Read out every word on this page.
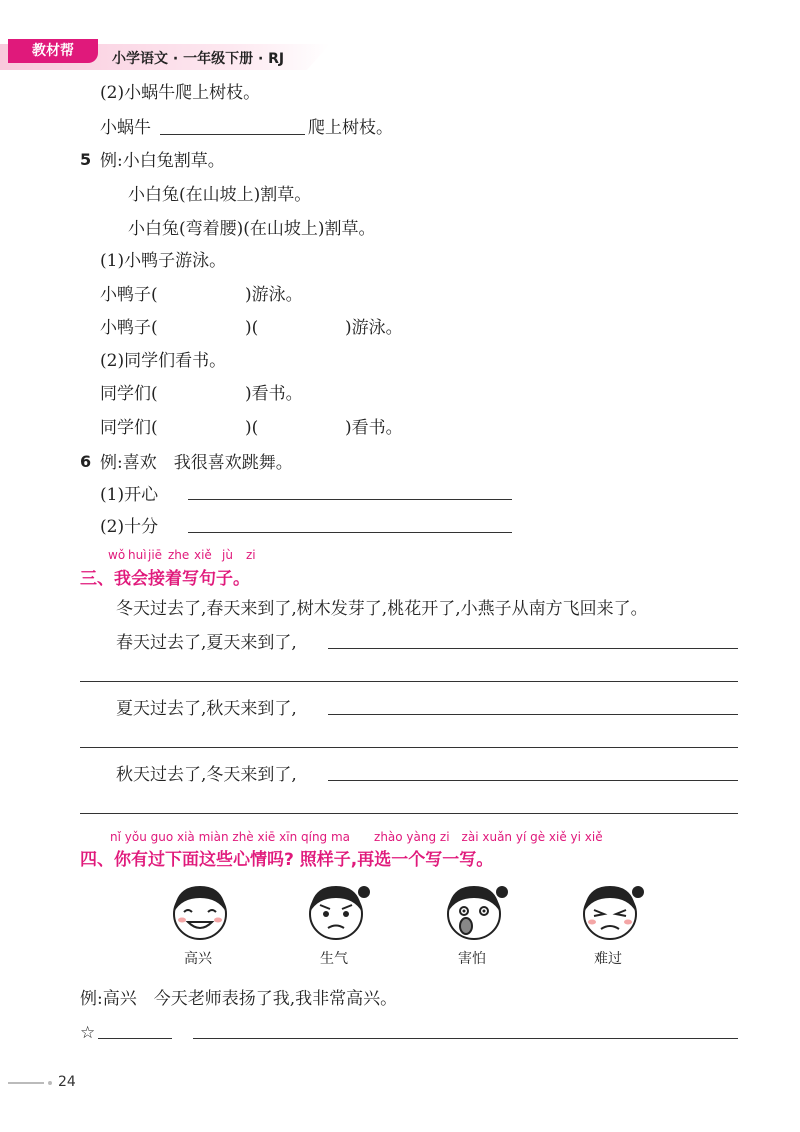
教材帮	小学语文 · 一年级下册 · RJ
(2)小蜗牛爬上树枝。
小蜗牛	爬上树枝。
5 例:小白兔割草。
小白兔(在山坡上)割草。
小白兔(弯着腰)(在山坡上)割草。
(1)小鸭子游泳。
小鸭子(	)游泳。
小鸭子(	)(	)游泳。
(2)同学们看书。
同学们(	)看书。
同学们(	)(	)看书。
6 例:喜欢　我很喜欢跳舞。
(1)开心
(2)十分
wǒ huì jiē zhe xiě jù zi
三、我会接着写句子。
冬天过去了,春天来到了,树木发芽了,桃花开了,小燕子从南方飞回来了。
春天过去了,夏天来到了,
夏天过去了,秋天来到了,
秋天过去了,冬天来到了,
nǐ yǒu guo xià miàn zhè xiē xīn qíng ma　　zhào yàng zi　zài xuǎn yí gè xiě yi xiě
四、你有过下面这些心情吗? 照样子,再选一个写一写。
高兴	生气	害怕	难过
例:高兴　今天老师表扬了我,我非常高兴。
☆
24
